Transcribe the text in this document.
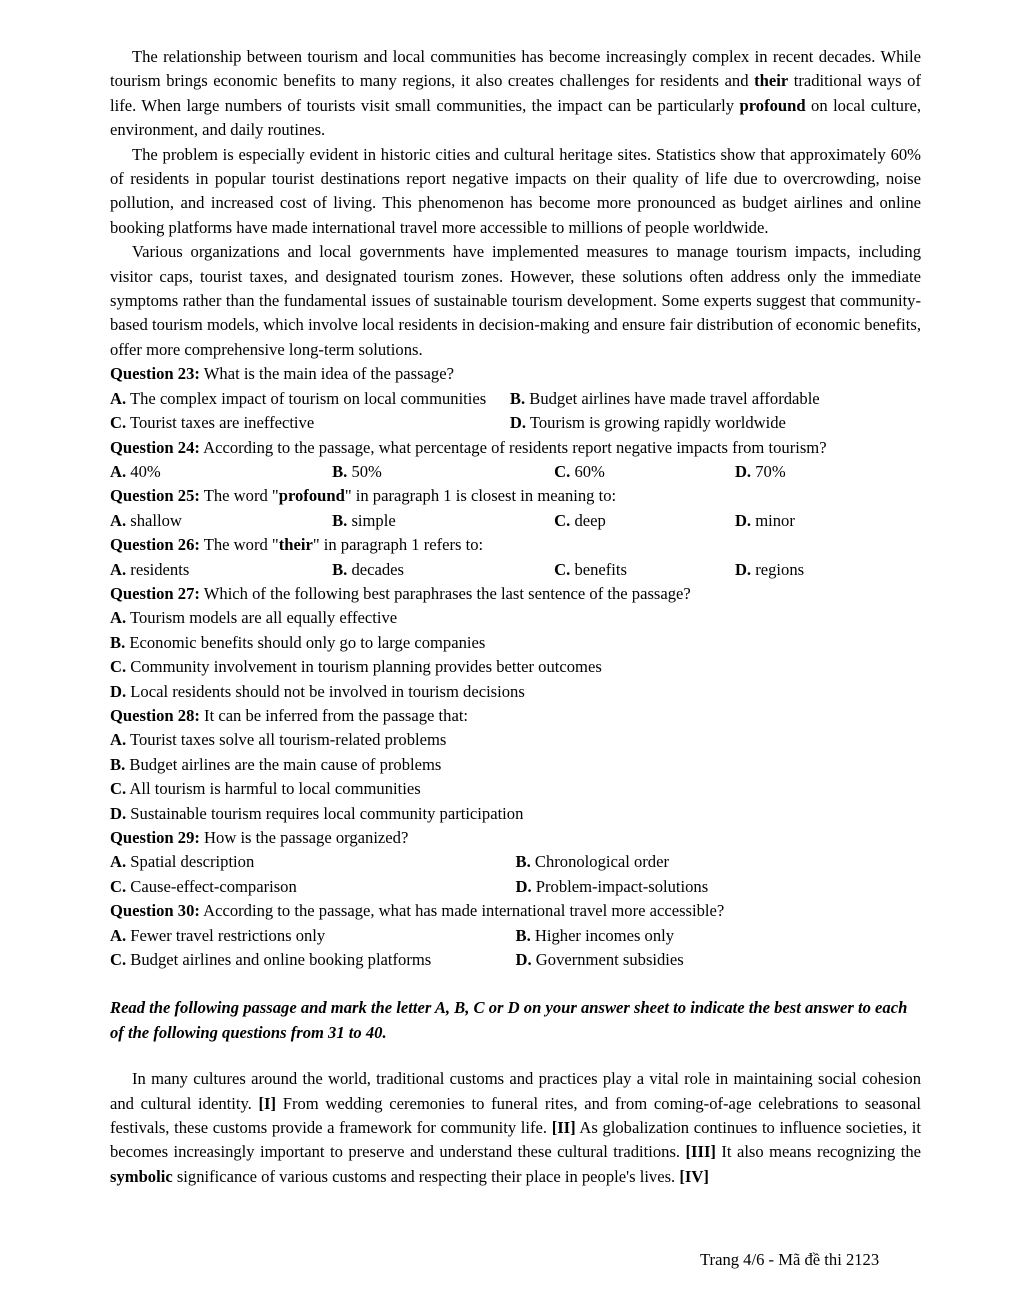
The relationship between tourism and local communities has become increasingly complex in recent decades. While tourism brings economic benefits to many regions, it also creates challenges for residents and their traditional ways of life. When large numbers of tourists visit small communities, the impact can be particularly profound on local culture, environment, and daily routines.

The problem is especially evident in historic cities and cultural heritage sites. Statistics show that approximately 60% of residents in popular tourist destinations report negative impacts on their quality of life due to overcrowding, noise pollution, and increased cost of living. This phenomenon has become more pronounced as budget airlines and online booking platforms have made international travel more accessible to millions of people worldwide.

Various organizations and local governments have implemented measures to manage tourism impacts, including visitor caps, tourist taxes, and designated tourism zones. However, these solutions often address only the immediate symptoms rather than the fundamental issues of sustainable tourism development. Some experts suggest that community-based tourism models, which involve local residents in decision-making and ensure fair distribution of economic benefits, offer more comprehensive long-term solutions.

Question 23: What is the main idea of the passage?
A. The complex impact of tourism on local communities	B. Budget airlines have made travel affordable
C. Tourist taxes are ineffective	D. Tourism is growing rapidly worldwide
Question 24: According to the passage, what percentage of residents report negative impacts from tourism?
A. 40%	B. 50%	C. 60%	D. 70%
Question 25: The word "profound" in paragraph 1 is closest in meaning to:
A. shallow	B. simple	C. deep	D. minor
Question 26: The word "their" in paragraph 1 refers to:
A. residents	B. decades	C. benefits	D. regions
Question 27: Which of the following best paraphrases the last sentence of the passage?
A. Tourism models are all equally effective
B. Economic benefits should only go to large companies
C. Community involvement in tourism planning provides better outcomes
D. Local residents should not be involved in tourism decisions
Question 28: It can be inferred from the passage that:
A. Tourist taxes solve all tourism-related problems
B. Budget airlines are the main cause of problems
C. All tourism is harmful to local communities
D. Sustainable tourism requires local community participation
Question 29: How is the passage organized?
A. Spatial description	B. Chronological order
C. Cause-effect-comparison	D. Problem-impact-solutions
Question 30: According to the passage, what has made international travel more accessible?
A. Fewer travel restrictions only	B. Higher incomes only
C. Budget airlines and online booking platforms	D. Government subsidies
Read the following passage and mark the letter A, B, C or D on your answer sheet to indicate the best answer to each of the following questions from 31 to 40.

In many cultures around the world, traditional customs and practices play a vital role in maintaining social cohesion and cultural identity. [I] From wedding ceremonies to funeral rites, and from coming-of-age celebrations to seasonal festivals, these customs provide a framework for community life. [II] As globalization continues to influence societies, it becomes increasingly important to preserve and understand these cultural traditions. [III] It also means recognizing the symbolic significance of various customs and respecting their place in people's lives. [IV]

Trang 4/6 - Mã đề thi 2123
